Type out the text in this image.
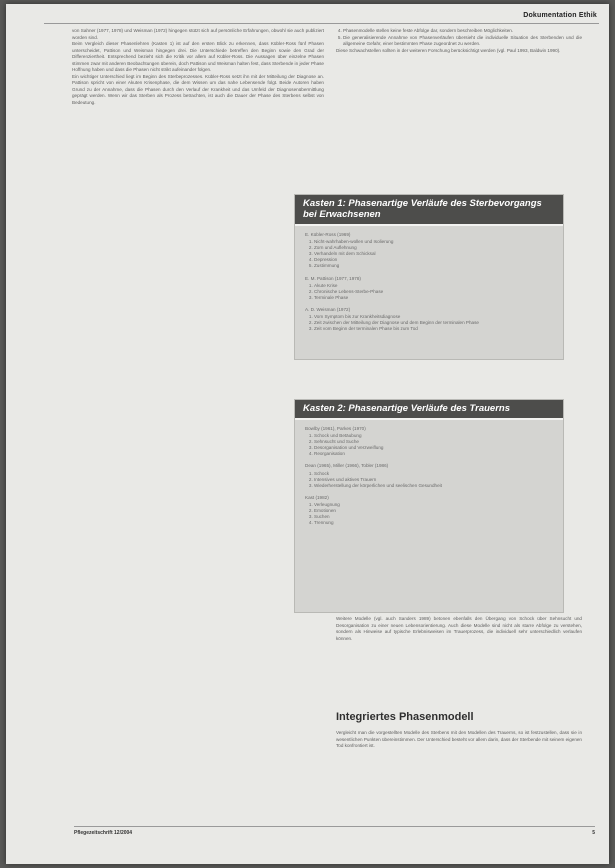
Dokumentation Ethik

von Sahner (1977, 1978) und Weisman (1972) hingegen stützt sich auf persönliche Erfahrungen, obwohl sie auch publiziert worden sind.

Beim Vergleich dieser Phasenlehren (Kasten 1) ist auf den ersten Blick zu erkennen, dass Kübler-Ross fünf Phasen unterscheidet, Pattison und Weisman hingegen drei. Die Unterschiede betreffen den Beginn sowie den Grad der Differenziertheit. Entsprechend bezieht sich die Kritik vor allem auf Kübler-Ross. Die Aussagen über einzelne Phasen stimmen zwar mit anderen Beobachtungen überein, doch Pattison und Weisman halten fest, dass Sterbende in jeder Phase Hoffnung haben und dass die Phasen nicht strikt aufeinander folgen.

Ein wichtiger Unterschied liegt im Beginn des Sterbeprozesses. Kübler-Ross setzt ihn mit der Mitteilung der Diagnose an. Pattison spricht von einer Akuten Krisenphase, die dem Wissen um das nahe Lebensende folgt. Beide Autoren haben Grund zu der Annahme, dass die Phasen durch den Verlauf der Krankheit und das Umfeld der Diagnosenübermittlung geprägt werden. Wenn wir das Sterben als Prozess betrachten, ist auch die Dauer der Phase des Sterbens selbst von Bedeutung.

4. Phasenmodelle stellen keine feste Abfolge dar, sondern beschreiben Möglichkeiten.
5. Die generalisierende Annahme von Phasenverläufen übersieht die individuelle Situation des Sterbenden und die allgemeine Gefahr, einer bestimmten Phase zugeordnet zu werden.

Diese Schwachstellen sollten in der weiteren Forschung berücksichtigt werden (vgl. Paul 1993, Baldwin 1990).

Kasten 1: Phasenartige Verläufe des Sterbevorgangs bei Erwachsenen
E. Kübler-Ross (1969)
1. Nicht-wahrhaben-wollen und Isolierung
2. Zorn und Auflehnung
3. Verhandeln mit dem Schicksal
4. Depression
5. Zustimmung
E. M. Pattison (1977, 1978)
1. Akute Krise
2. Chronische Lebens-Sterbe-Phase
3. Terminale Phase
A. D. Weisman (1972)
1. Vom Symptom bis zur Krankheitsdiagnose
2. Zeit zwischen der Mitteilung der Diagnose und dem Beginn der terminalen Phase
3. Zeit vom Beginn der terminalen Phase bis zum Tod
Kasten 2: Phasenartige Verläufe des Trauerns
Bowlby (1961), Parkes (1970)
1. Schock und Betäubung
2. Sehnsucht und Suche
3. Desorganisation und Verzweiflung
4. Reorganisation
Dean (1965), Miller (1966), Tobler (1986)
1. Schock
2. Intensives und aktives Trauern
3. Wiederherstellung der körperlichen und seelischen Gesundheit
Kast (1982)
1. Verleugnung
2. Emotionen
3. Suchen
4. Trennung

Weitere Modelle (vgl. auch Sanders 1989) betonen ebenfalls den Übergang von Schock über Sehnsucht und Desorganisation zu einer neuen Lebensorientierung. Auch diese Modelle sind nicht als starre Abfolge zu verstehen, sondern als Hinweise auf typische Erlebnisweisen im Trauerprozess, die individuell sehr unterschiedlich verlaufen können.

Integriertes Phasenmodell

Vergleicht man die vorgestellten Modelle des Sterbens mit den Modellen des Trauerns, so ist festzustellen, dass sie in wesentlichen Punkten übereinstimmen. Der Unterschied besteht vor allem darin, dass der Sterbende mit seinem eigenen Tod konfrontiert ist.

Pflegezeitschrift 12/2004	5
